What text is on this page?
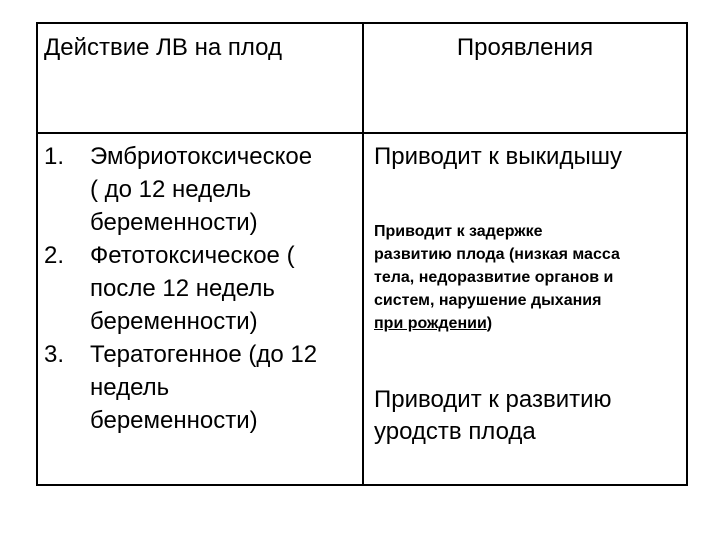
Действие ЛВ на плод	Проявления
1. Эмбриотоксическое
( до 12 недель
беременности)
2. Фетотоксическое (
после 12 недель
беременности)
3. Тератогенное (до 12
недель
беременности)
Приводит к выкидышу
Приводит к задержке
развитию плода (низкая масса
тела, недоразвитие органов и
систем, нарушение дыхания
при рождении)
Приводит к развитию
уродств плода
